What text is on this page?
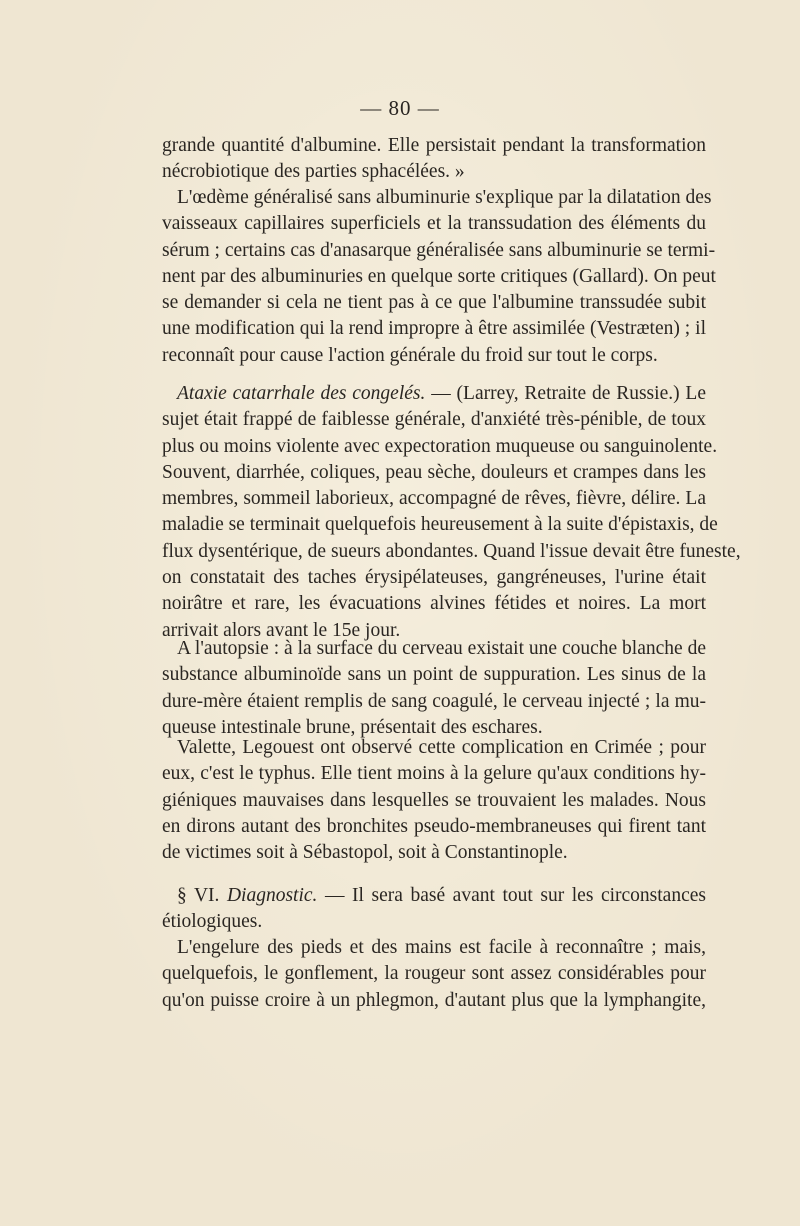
— 80 —
grande quantité d'albumine. Elle persistait pendant la transformation
nécrobiotique des parties sphacélées. »
L'œdème généralisé sans albuminurie s'explique par la dilatation des
vaisseaux capillaires superficiels et la transsudation des éléments du
sérum ; certains cas d'anasarque généralisée sans albuminurie se termi-
nent par des albuminuries en quelque sorte critiques (Gallard). On peut
se demander si cela ne tient pas à ce que l'albumine transsudée subit
une modification qui la rend impropre à être assimilée (Vestræten) ; il
reconnaît pour cause l'action générale du froid sur tout le corps.
Ataxie catarrhale des congelés. — (Larrey, Retraite de Russie.) Le
sujet était frappé de faiblesse générale, d'anxiété très-pénible, de toux
plus ou moins violente avec expectoration muqueuse ou sanguinolente.
Souvent, diarrhée, coliques, peau sèche, douleurs et crampes dans les
membres, sommeil laborieux, accompagné de rêves, fièvre, délire. La
maladie se terminait quelquefois heureusement à la suite d'épistaxis, de
flux dysentérique, de sueurs abondantes. Quand l'issue devait être funeste,
on constatait des taches érysipélateuses, gangréneuses, l'urine était
noirâtre et rare, les évacuations alvines fétides et noires. La mort
arrivait alors avant le 15e jour.
A l'autopsie : à la surface du cerveau existait une couche blanche de
substance albuminoïde sans un point de suppuration. Les sinus de la
dure-mère étaient remplis de sang coagulé, le cerveau injecté ; la mu-
queuse intestinale brune, présentait des eschares.
Valette, Legouest ont observé cette complication en Crimée ; pour
eux, c'est le typhus. Elle tient moins à la gelure qu'aux conditions hy-
giéniques mauvaises dans lesquelles se trouvaient les malades. Nous
en dirons autant des bronchites pseudo-membraneuses qui firent tant
de victimes soit à Sébastopol, soit à Constantinople.
§ VI. Diagnostic. — Il sera basé avant tout sur les circonstances
étiologiques.
L'engelure des pieds et des mains est facile à reconnaître ; mais,
quelquefois, le gonflement, la rougeur sont assez considérables pour
qu'on puisse croire à un phlegmon, d'autant plus que la lymphangite,
